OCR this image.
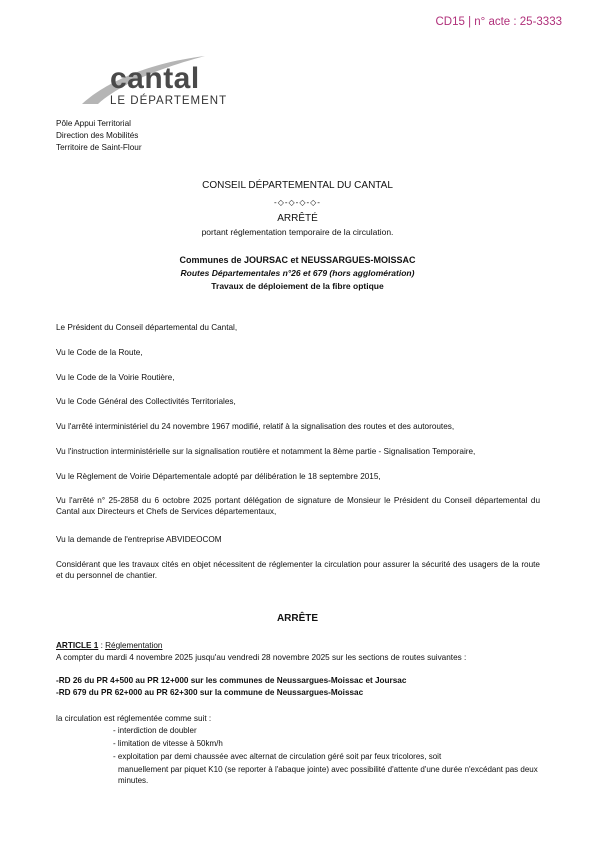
CD15 | n° acte : 25-3333
cantal
LE DÉPARTEMENT
Pôle Appui Territorial
Direction des Mobilités
Territoire de Saint-Flour
CONSEIL DÉPARTEMENTAL DU CANTAL
-◇-◇-◇-◇-
ARRÊTÉ
portant réglementation temporaire de la circulation.
Communes de JOURSAC et NEUSSARGUES-MOISSAC
Routes Départementales n°26 et 679 (hors agglomération)
Travaux de déploiement de la fibre optique
Le Président du Conseil départemental du Cantal,
Vu le Code de la Route,
Vu le Code de la Voirie Routière,
Vu le Code Général des Collectivités Territoriales,
Vu l'arrêté interministériel du 24 novembre 1967 modifié, relatif à la signalisation des routes et des autoroutes,
Vu l'instruction interministérielle sur la signalisation routière et notamment la 8ème partie - Signalisation Temporaire,
Vu le Règlement de Voirie Départementale adopté par délibération le 18 septembre 2015,
Vu l'arrêté n° 25-2858 du 6 octobre 2025 portant délégation de signature de Monsieur le Président du Conseil départemental du Cantal aux Directeurs et Chefs de Services départementaux,
Vu la demande de l'entreprise ABVIDEOCOM
Considérant que les travaux cités en objet nécessitent de réglementer la circulation pour assurer la sécurité des usagers de la route et du personnel de chantier.
ARRÊTE
ARTICLE 1 : Réglementation
A compter du mardi 4 novembre 2025 jusqu'au vendredi 28 novembre 2025 sur les sections de routes suivantes :
-RD 26 du PR 4+500 au PR 12+000 sur les communes de Neussargues-Moissac et Joursac
-RD 679 du PR 62+000 au PR 62+300 sur la commune de Neussargues-Moissac
la circulation est réglementée comme suit :
- interdiction de doubler
- limitation de vitesse à 50km/h
- exploitation par demi chaussée avec alternat de circulation géré soit par feux tricolores, soit
manuellement par piquet K10 (se reporter à l'abaque jointe) avec possibilité d'attente d'une durée n'excédant pas deux minutes.
